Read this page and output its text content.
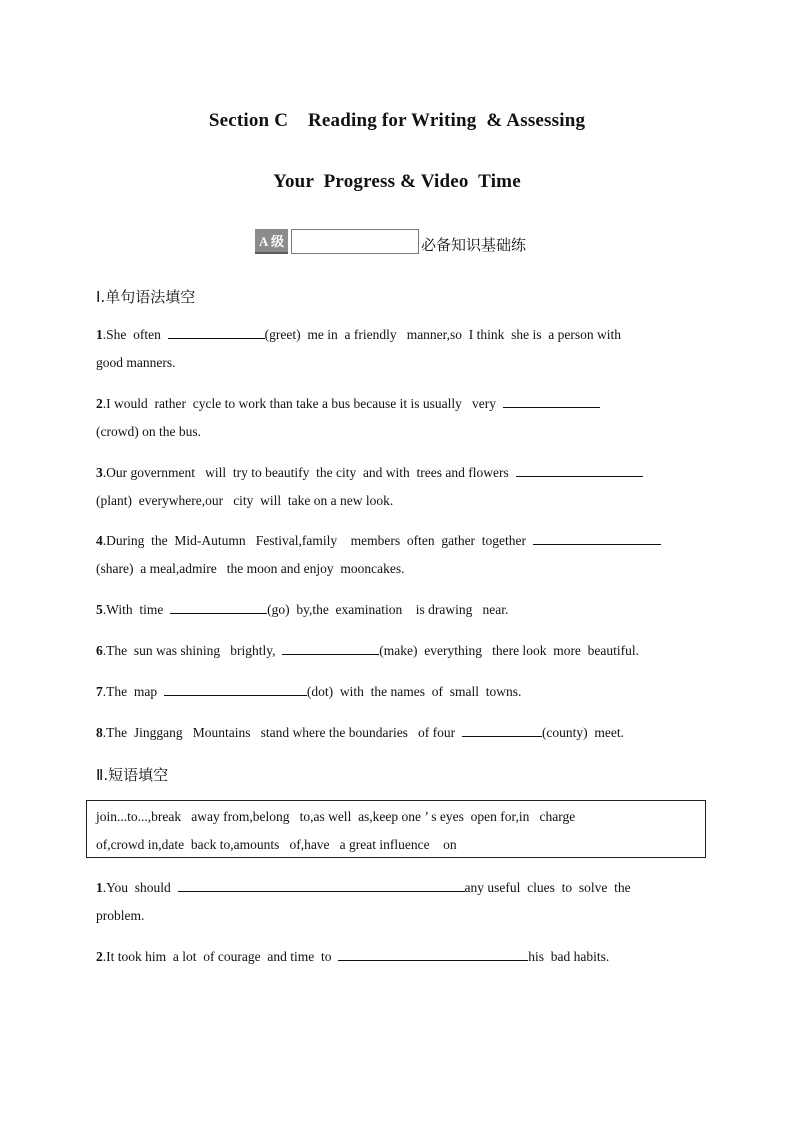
Section C    Reading for Writing  & Assessing
Your  Progress & Video  Time
A 级	必备知识基础练
Ⅰ.单句语法填空
1.She  often	(greet)  me in  a friendly   manner,so  I think  she is  a person with
good manners.
2.I would  rather  cycle to work than take a bus because it is usually   very
(crowd) on the bus.
3.Our government   will  try to beautify  the city  and with  trees and flowers
(plant)  everywhere,our   city  will  take on a new look.
4.During  the  Mid-Autumn   Festival,family    members  often  gather  together
(share)  a meal,admire   the moon and enjoy  mooncakes.
5.With  time	(go)  by,the  examination    is drawing   near.
6.The  sun was shining   brightly,	(make)  everything   there look  more  beautiful.
7.The  map	(dot)  with  the names  of  small  towns.
8.The  Jinggang   Mountains   stand where the boundaries   of four	(county)  meet.
Ⅱ.短语填空
join...to...,break   away from,belong   to,as well  as,keep one ’ s eyes  open for,in   charge
of,crowd in,date  back to,amounts   of,have   a great influence    on
1.You  should	any useful  clues  to  solve  the
problem.
2.It took him  a lot  of courage  and time  to	his  bad habits.
